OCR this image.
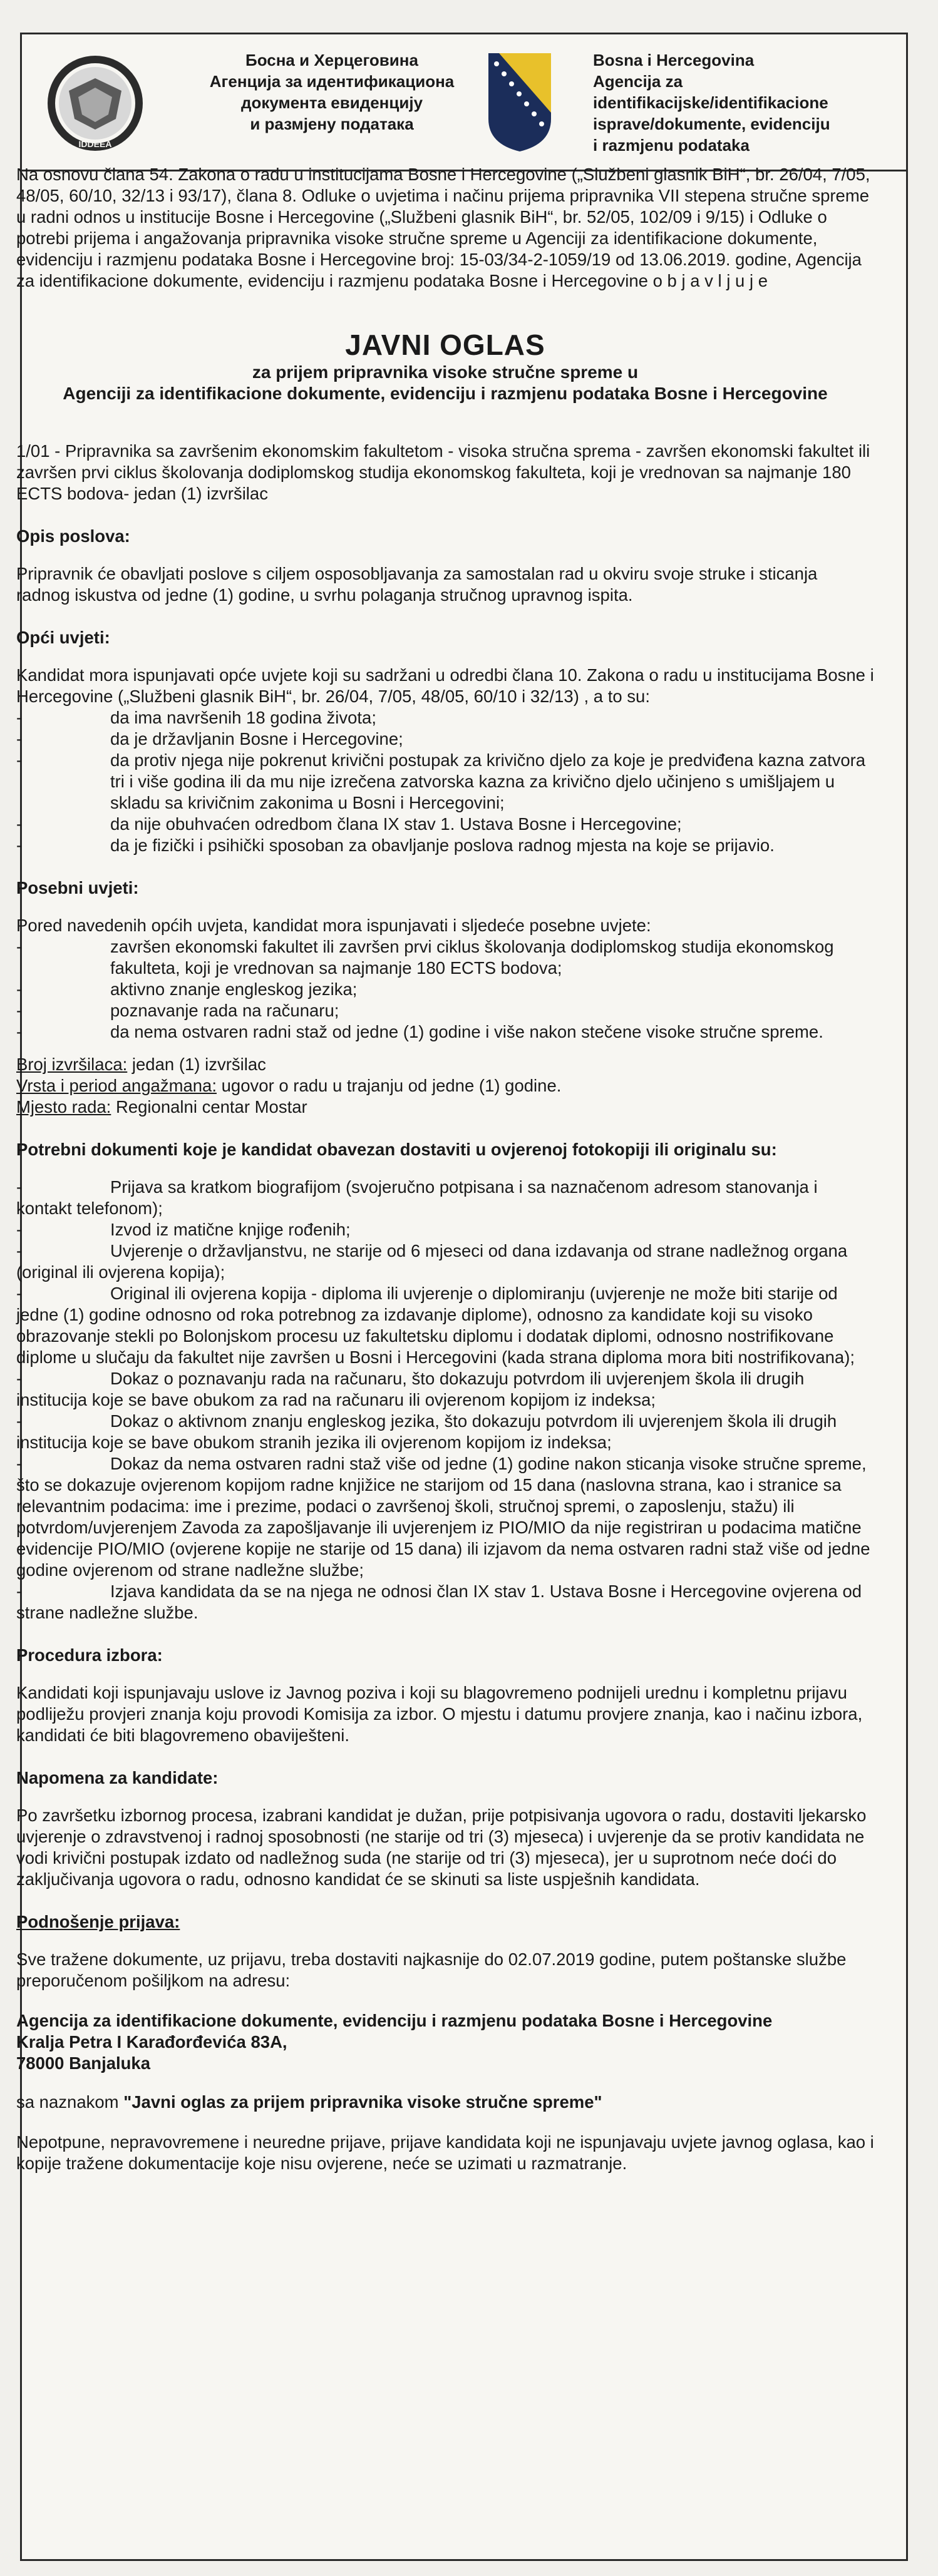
IDDEEA
Босна и Херцеговина
Агенција за идентификациона
документа евиденцију
и размјену података
Bosna i Hercegovina
Agencija za identifikacijske/identifikacione
isprave/dokumente, evidenciju
i razmjenu podataka

Na osnovu člana 54. Zakona o radu u institucijama Bosne i Hercegovine („Službeni glasnik BiH“, br. 26/04, 7/05, 48/05, 60/10, 32/13 i 93/17), člana 8. Odluke o uvjetima i načinu prijema pripravnika VII stepena stručne spreme u radni odnos u institucije Bosne i Hercegovine („Službeni glasnik BiH“, br. 52/05, 102/09 i 9/15) i Odluke o potrebi prijema i angažovanja pripravnika visoke stručne spreme u Agenciji za identifikacione dokumente, evidenciju i razmjenu podataka Bosne i Hercegovine broj: 15-03/34-2-1059/19 od 13.06.2019. godine, Agencija za identifikacione dokumente, evidenciju i razmjenu podataka Bosne i Hercegovine o b j a v l j u j e

JAVNI OGLAS
za prijem pripravnika visoke stručne spreme u
Agenciji za identifikacione dokumente, evidenciju i razmjenu podataka Bosne i Hercegovine

1/01 - Pripravnika sa završenim ekonomskim fakultetom - visoka stručna sprema - završen ekonomski fakultet ili završen prvi ciklus školovanja dodiplomskog studija ekonomskog fakulteta, koji je vrednovan sa najmanje 180 ECTS bodova- jedan (1) izvršilac

Opis poslova:

Pripravnik će obavljati poslove s ciljem osposobljavanja za samostalan rad u okviru svoje struke i sticanja radnog iskustva od jedne (1) godine, u svrhu polaganja stručnog upravnog ispita.

Opći uvjeti:

Kandidat mora ispunjavati opće uvjete koji su sadržani u odredbi člana 10. Zakona o radu u institucijama Bosne i Hercegovine („Službeni glasnik BiH“, br. 26/04, 7/05, 48/05, 60/10 i 32/13) , a to su:

-	da ima navršenih 18 godina života;
-	da je državljanin Bosne i Hercegovine;
-	da protiv njega nije pokrenut krivični postupak za krivično djelo za koje je predviđena kazna zatvora tri i više godina ili da mu nije izrečena zatvorska kazna za krivično djelo učinjeno s umišljajem u skladu sa krivičnim zakonima u Bosni i Hercegovini;
-	da nije obuhvaćen odredbom člana IX stav 1. Ustava Bosne i Hercegovine;
-	da je fizički i psihički sposoban za obavljanje poslova radnog mjesta na koje se prijavio.
Posebni uvjeti:

Pored navedenih općih uvjeta, kandidat mora ispunjavati i sljedeće posebne uvjete:

-	završen ekonomski fakultet ili završen prvi ciklus školovanja dodiplomskog studija ekonomskog fakulteta, koji je vrednovan sa najmanje 180 ECTS bodova;
-	aktivno znanje engleskog jezika;
-	poznavanje rada na računaru;
-	da nema ostvaren radni staž od jedne (1) godine i više nakon stečene visoke stručne spreme.
Broj izvršilaca: jedan (1) izvršilac
Vrsta i period angažmana: ugovor o radu u trajanju od jedne (1) godine.
Mjesto rada: Regionalni centar Mostar
Potrebni dokumenti koje je kandidat obavezan dostaviti u ovjerenoj fotokopiji ili originalu su:

-	Prijava sa kratkom biografijom (svojeručno potpisana i sa naznačenom adresom stanovanja i kontakt telefonom);

-	Izvod iz matične knjige rođenih;

-	Uvjerenje o državljanstvu, ne starije od 6 mjeseci od dana izdavanja od strane nadležnog organa (original ili ovjerena kopija);

-	Original ili ovjerena kopija - diploma ili uvjerenje o diplomiranju (uvjerenje ne može biti starije od jedne (1) godine odnosno od roka potrebnog za izdavanje diplome), odnosno za kandidate koji su visoko obrazovanje stekli po Bolonjskom procesu uz fakultetsku diplomu i dodatak diplomi, odnosno nostrifikovane diplome u slučaju da fakultet nije završen u Bosni i Hercegovini (kada strana diploma mora biti nostrifikovana);

-	Dokaz o poznavanju rada na računaru, što dokazuju potvrdom ili uvjerenjem škola ili drugih institucija koje se bave obukom za rad na računaru ili ovjerenom kopijom iz indeksa;

-	Dokaz o aktivnom znanju engleskog jezika, što dokazuju potvrdom ili uvjerenjem škola ili drugih institucija koje se bave obukom stranih jezika ili ovjerenom kopijom iz indeksa;

-	Dokaz da nema ostvaren radni staž više od jedne (1) godine nakon sticanja visoke stručne spreme, što se dokazuje ovjerenom kopijom radne knjižice ne starijom od 15 dana (naslovna strana, kao i stranice sa relevantnim podacima: ime i prezime, podaci o završenoj školi, stručnoj spremi, o zaposlenju, stažu) ili potvrdom/uvjerenjem Zavoda za zapošljavanje ili uvjerenjem iz PIO/MIO da nije registriran u podacima matične evidencije PIO/MIO (ovjerene kopije ne starije od 15 dana) ili izjavom da nema ostvaren radni staž više od jedne godine ovjerenom od strane nadležne službe;

-	Izjava kandidata da se na njega ne odnosi član IX stav 1. Ustava Bosne i Hercegovine ovjerena od strane nadležne službe.

Procedura izbora:

Kandidati koji ispunjavaju uslove iz Javnog poziva i koji su blagovremeno podnijeli urednu i kompletnu prijavu podliježu provjeri znanja koju provodi Komisija za izbor. O mjestu i datumu provjere znanja, kao i načinu izbora, kandidati će biti blagovremeno obaviješteni.

Napomena za kandidate:

Po završetku izbornog procesa, izabrani kandidat je dužan, prije potpisivanja ugovora o radu, dostaviti ljekarsko uvjerenje o zdravstvenoj i radnoj sposobnosti (ne starije od tri (3) mjeseca) i uvjerenje da se protiv kandidata ne vodi krivični postupak izdato od nadležnog suda (ne starije od tri (3) mjeseca), jer u suprotnom neće doći do zaključivanja ugovora o radu, odnosno kandidat će se skinuti sa liste uspješnih kandidata.

Podnošenje prijava:

Sve tražene dokumente, uz prijavu, treba dostaviti najkasnije do 02.07.2019 godine, putem poštanske službe preporučenom pošiljkom na adresu:

Agencija za identifikacione dokumente, evidenciju i razmjenu podataka Bosne i Hercegovine
Kralja Petra I Karađorđevića 83A,
78000 Banjaluka

sa naznakom "Javni oglas za prijem pripravnika visoke stručne spreme"

Nepotpune, nepravovremene i neuredne prijave, prijave kandidata koji ne ispunjavaju uvjete javnog oglasa, kao i kopije tražene dokumentacije koje nisu ovjerene, neće se uzimati u razmatranje.
